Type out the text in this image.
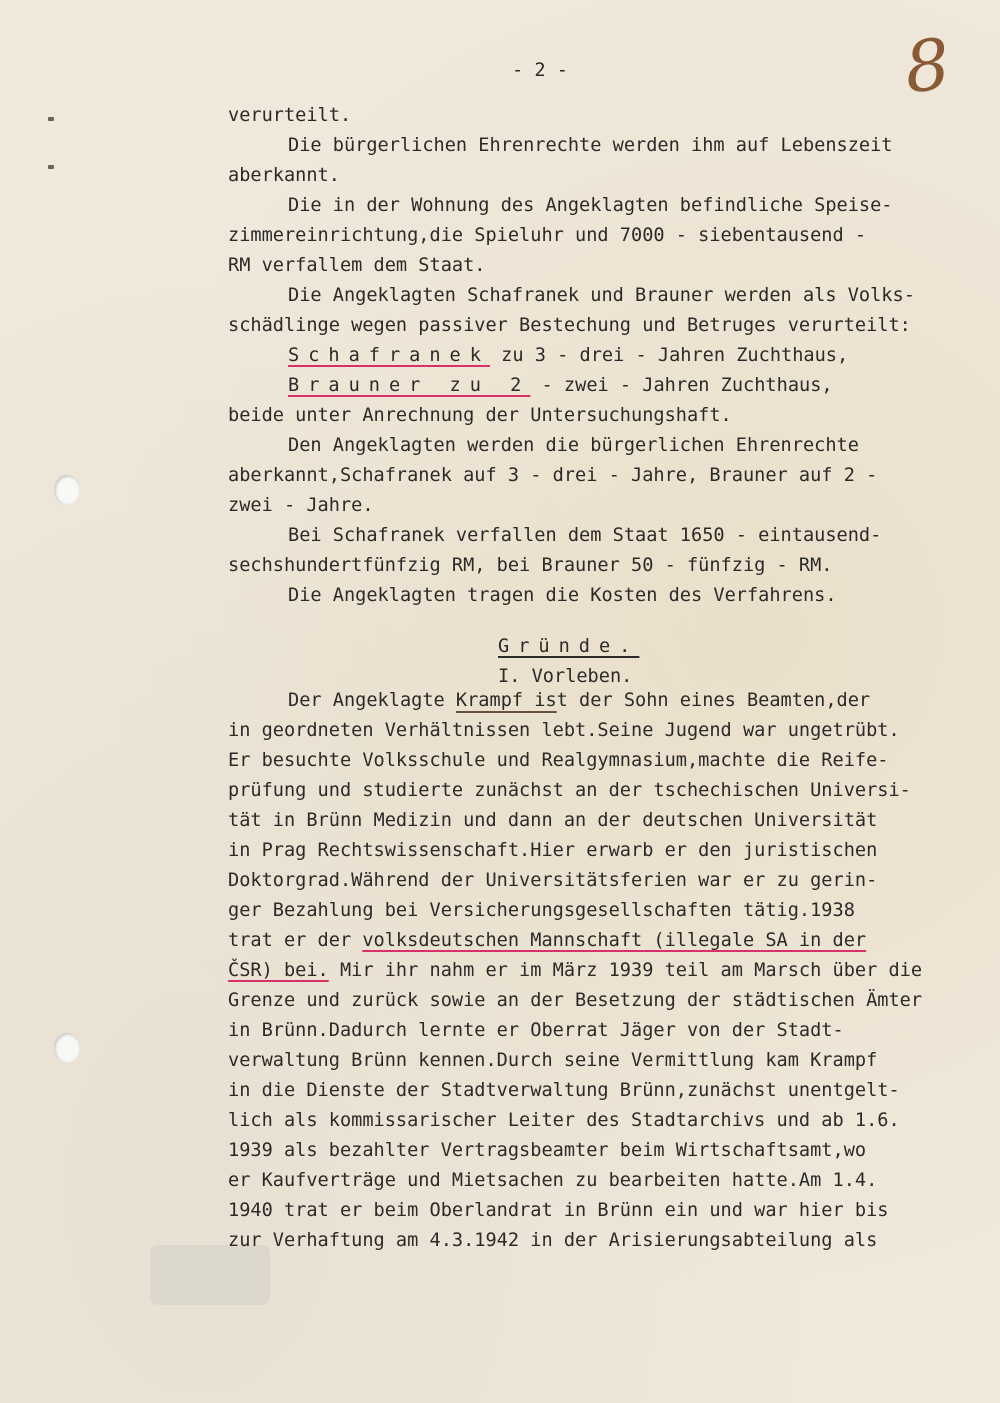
- 2 -	8
verurteilt.
Die bürgerlichen Ehrenrechte werden ihm auf Lebenszeit
aberkannt.
Die in der Wohnung des Angeklagten befindliche Speise-
zimmereinrichtung,die Spieluhr und 7000 - siebentausend -
RM verfallem dem Staat.
Die Angeklagten Schafranek und Brauner werden als Volks-
schädlinge wegen passiver Bestechung und Betruges verurteilt:
Schafranek zu 3 - drei - Jahren Zuchthaus,
Brauner zu 2 - zwei - Jahren Zuchthaus,
beide unter Anrechnung der Untersuchungshaft.
Den Angeklagten werden die bürgerlichen Ehrenrechte
aberkannt,Schafranek auf 3 - drei - Jahre, Brauner auf 2 -
zwei - Jahre.
Bei Schafranek verfallen dem Staat 1650 - eintausend-
sechshundertfünfzig RM, bei Brauner 50 - fünfzig - RM.
Die Angeklagten tragen die Kosten des Verfahrens.
Gründe.
I. Vorleben.
Der Angeklagte Krampf ist der Sohn eines Beamten,der
in geordneten Verhältnissen lebt.Seine Jugend war ungetrübt.
Er besuchte Volksschule und Realgymnasium,machte die Reife-
prüfung und studierte zunächst an der tschechischen Universi-
tät in Brünn Medizin und dann an der deutschen Universität
in Prag Rechtswissenschaft.Hier erwarb er den juristischen
Doktorgrad.Während der Universitätsferien war er zu gerin-
ger Bezahlung bei Versicherungsgesellschaften tätig.1938
trat er der volksdeutschen Mannschaft (illegale SA in der
ČSR) bei. Mir ihr nahm er im März 1939 teil am Marsch über die
Grenze und zurück sowie an der Besetzung der städtischen Ämter
in Brünn.Dadurch lernte er Oberrat Jäger von der Stadt-
verwaltung Brünn kennen.Durch seine Vermittlung kam Krampf
in die Dienste der Stadtverwaltung Brünn,zunächst unentgelt-
lich als kommissarischer Leiter des Stadtarchivs und ab 1.6.
1939 als bezahlter Vertragsbeamter beim Wirtschaftsamt,wo
er Kaufverträge und Mietsachen zu bearbeiten hatte.Am 1.4.
1940 trat er beim Oberlandrat in Brünn ein und war hier bis
zur Verhaftung am 4.3.1942 in der Arisierungsabteilung als
